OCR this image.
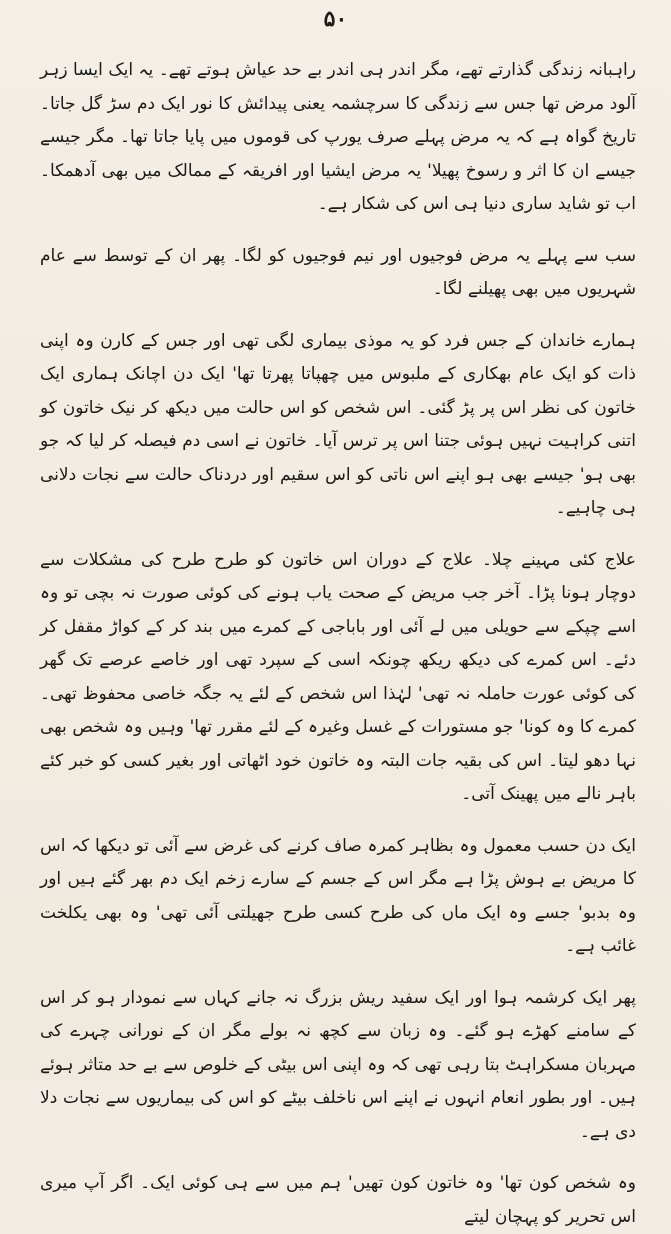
۵۰

راہبانہ زندگی گذارتے تھے، مگر اندر ہی اندر بے حد عیاش ہوتے تھے۔ یہ ایک ایسا زہر آلود مرض تھا جس سے زندگی کا سرچشمہ یعنی پیدائش کا نور ایک دم سڑ گل جاتا۔ تاریخ گواہ ہے کہ یہ مرض پہلے صرف یورپ کی قوموں میں پایا جاتا تھا۔ مگر جیسے جیسے ان کا اثر و رسوخ پھیلا' یہ مرض ایشیا اور افریقہ کے ممالک میں بھی آدھمکا۔ اب تو شاید ساری دنیا ہی اس کی شکار ہے۔

سب سے پہلے یہ مرض فوجیوں اور نیم فوجیوں کو لگا۔ پھر ان کے توسط سے عام شہریوں میں بھی پھیلنے لگا۔

ہمارے خاندان کے جس فرد کو یہ موذی بیماری لگی تھی اور جس کے کارن وہ اپنی ذات کو ایک عام بھکاری کے ملبوس میں چھپاتا پھرتا تھا' ایک دن اچانک ہماری ایک خاتون کی نظر اس پر پڑ گئی۔ اس شخص کو اس حالت میں دیکھ کر نیک خاتون کو اتنی کراہیت نہیں ہوئی جتنا اس پر ترس آیا۔ خاتون نے اسی دم فیصلہ کر لیا کہ جو بھی ہو' جیسے بھی ہو اپنے اس ناتی کو اس سقیم اور دردناک حالت سے نجات دلانی ہی چاہیے۔

علاج کئی مہینے چلا۔ علاج کے دوران اس خاتون کو طرح طرح کی مشکلات سے دوچار ہونا پڑا۔ آخر جب مریض کے صحت یاب ہونے کی کوئی صورت نہ بچی تو وہ اسے چپکے سے حویلی میں لے آئی اور باباجی کے کمرے میں بند کر کے کواڑ مقفل کر دئے۔ اس کمرے کی دیکھ ریکھ چونکہ اسی کے سپرد تھی اور خاصے عرصے تک گھر کی کوئی عورت حاملہ نہ تھی' لہٰذا اس شخص کے لئے یہ جگہ خاصی محفوظ تھی۔ کمرے کا وہ کونا' جو مستورات کے غسل وغیرہ کے لئے مقرر تھا' وہیں وہ شخص بھی نہا دھو لیتا۔ اس کی بقیہ جات البتہ وہ خاتون خود اٹھاتی اور بغیر کسی کو خبر کئے باہر نالے میں پھینک آتی۔

ایک دن حسب معمول وہ بظاہر کمرہ صاف کرنے کی غرض سے آئی تو دیکھا کہ اس کا مریض بے ہوش پڑا ہے مگر اس کے جسم کے سارے زخم ایک دم بھر گئے ہیں اور وہ بدبو' جسے وہ ایک ماں کی طرح کسی طرح جھیلتی آئی تھی' وہ بھی یکلخت غائب ہے۔

پھر ایک کرشمہ ہوا اور ایک سفید ریش بزرگ نہ جانے کہاں سے نمودار ہو کر اس کے سامنے کھڑے ہو گئے۔ وہ زبان سے کچھ نہ بولے مگر ان کے نورانی چہرے کی مہربان مسکراہٹ بتا رہی تھی کہ وہ اپنی اس بیٹی کے خلوص سے بے حد متاثر ہوئے ہیں۔ اور بطور انعام انہوں نے اپنے اس ناخلف بیٹے کو اس کی بیماریوں سے نجات دلا دی ہے۔

وہ شخص کون تھا' وہ خاتون کون تھیں' ہم میں سے ہی کوئی ایک۔ اگر آپ میری اس تحریر کو پہچان لیتے
